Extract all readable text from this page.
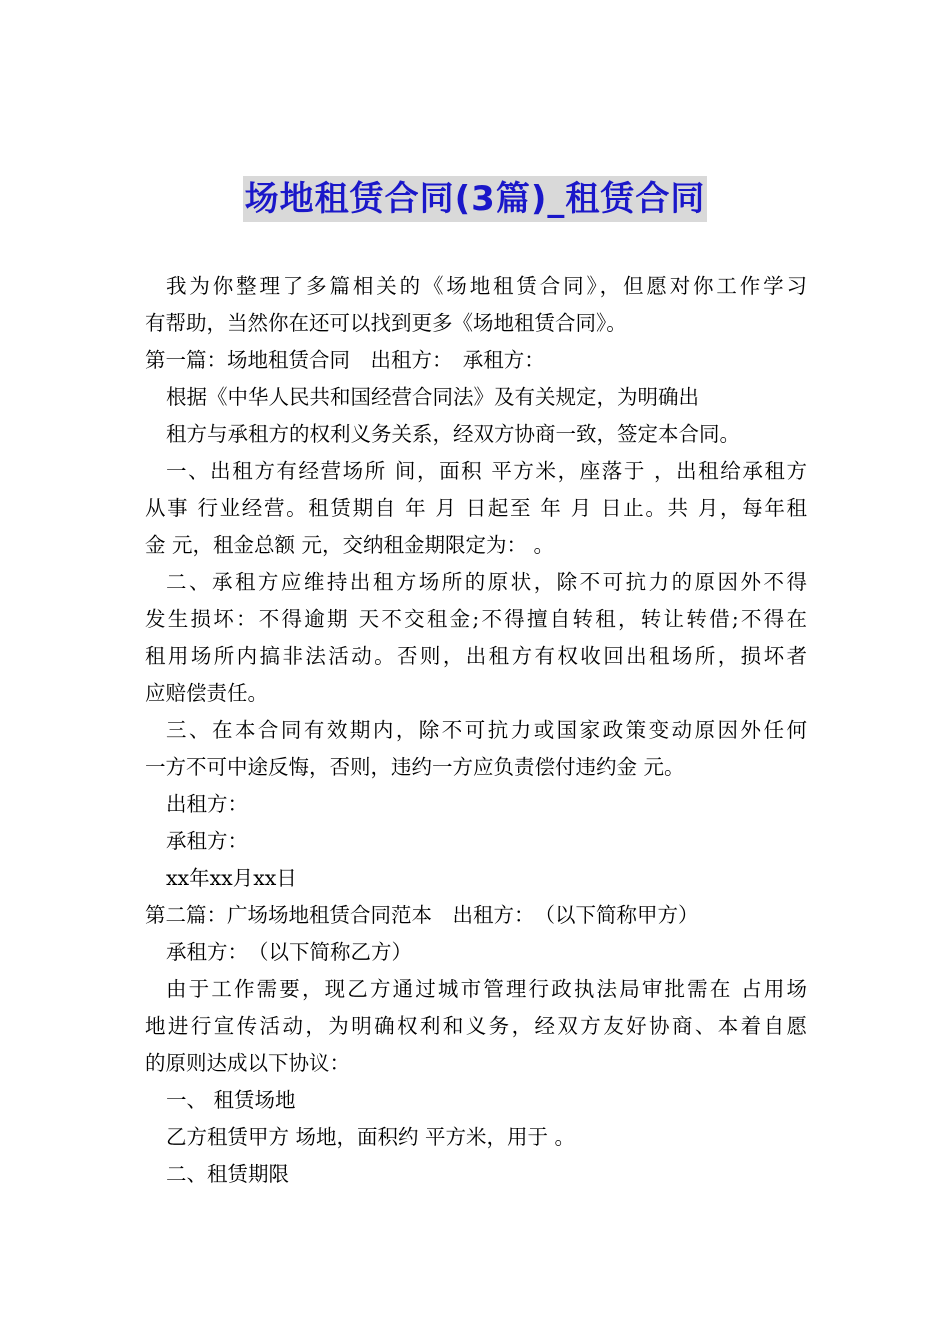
场地租赁合同(3篇)_租赁合同
我为你整理了多篇相关的《场地租赁合同》，但愿对你工作学习
有帮助，当然你在还可以找到更多《场地租赁合同》。
第一篇：场地租赁合同　出租方：　承租方：
根据《中华人民共和国经营合同法》及有关规定，为明确出
租方与承租方的权利义务关系，经双方协商一致，签定本合同。
一、出租方有经营场所 间，面积 平方米，座落于 ，出租给承租方
从事 行业经营。租赁期自 年 月 日起至 年 月 日止。共 月，每年租
金 元，租金总额 元，交纳租金期限定为： 。
二、承租方应维持出租方场所的原状，除不可抗力的原因外不得
发生损坏：不得逾期 天不交租金;不得擅自转租，转让转借;不得在
租用场所内搞非法活动。否则，出租方有权收回出租场所，损坏者
应赔偿责任。
三、在本合同有效期内，除不可抗力或国家政策变动原因外任何
一方不可中途反悔，否则，违约一方应负责偿付违约金 元。
出租方：
承租方：
xx年xx月xx日
第二篇：广场场地租赁合同范本　出租方：　（以下简称甲方）
承租方：　（以下简称乙方）
由于工作需要，现乙方通过城市管理行政执法局审批需在 占用场
地进行宣传活动，为明确权利和义务，经双方友好协商、本着自愿
的原则达成以下协议：
一、 租赁场地
乙方租赁甲方 场地，面积约 平方米，用于 。
二、租赁期限
